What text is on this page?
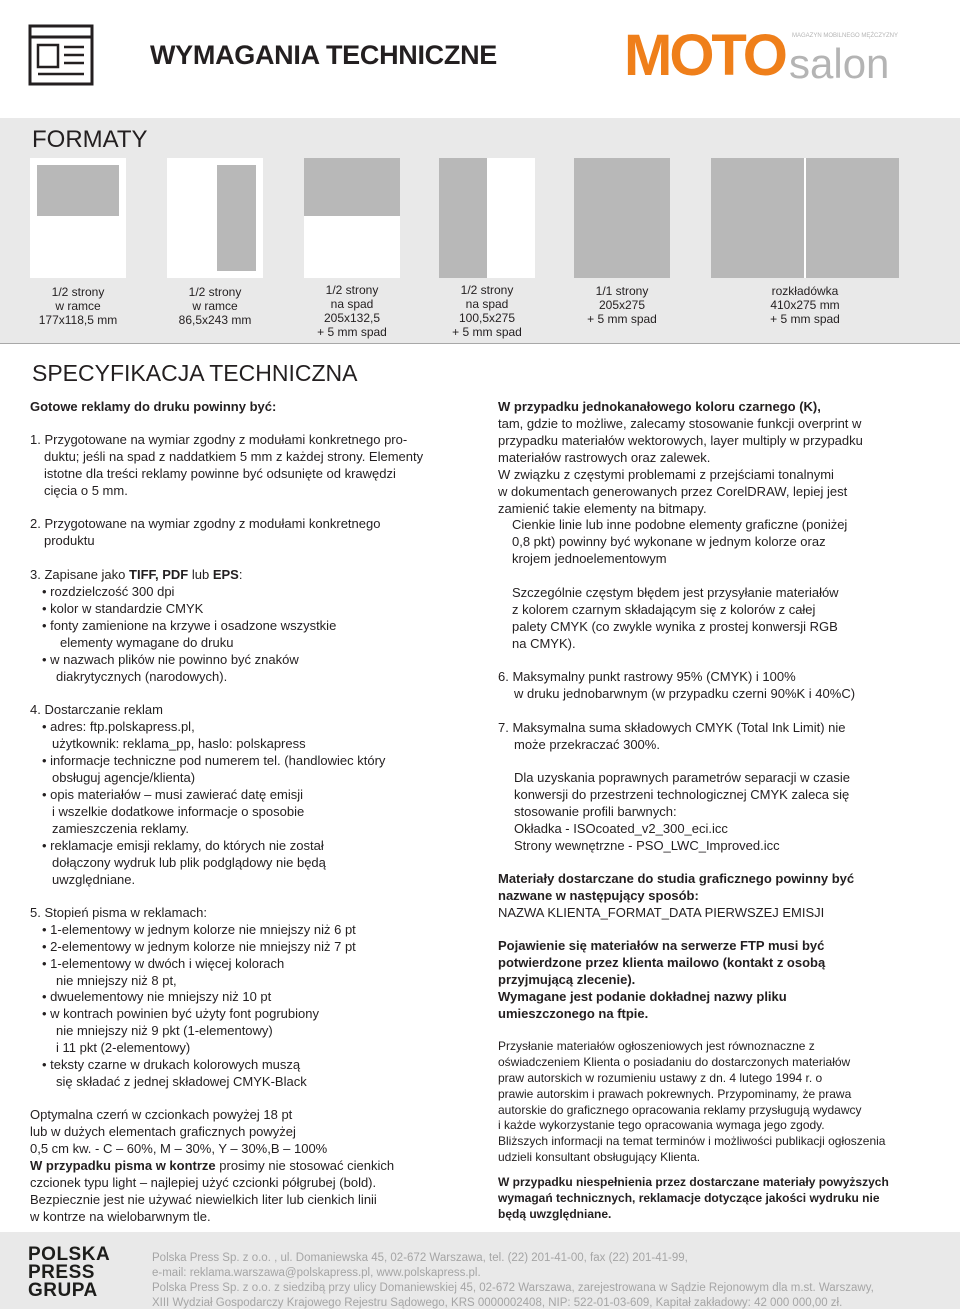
WYMAGANIA TECHNICZNE MOTO salon
MAGAZYN MOBILNEGO MĘŻCZYZNY
FORMATY
1/2 strony
w ramce
177x118,5 mm
1/2 strony
w ramce
86,5x243 mm
1/2 strony
na spad
205x132,5
+ 5 mm spad
1/2 strony
na spad
100,5x275
+ 5 mm spad
1/1 strony
205x275
+ 5 mm spad
rozkładówka
410x275 mm
+ 5 mm spad
SPECYFIKACJA TECHNICZNA
Gotowe reklamy do druku powinny być:
1. Przygotowane na wymiar zgodny z modułami konkretnego pro-
duktu; jeśli na spad z naddatkiem 5 mm z każdej strony. Elementy
istotne dla treści reklamy powinne być odsunięte od krawędzi
cięcia o 5 mm.
2. Przygotowane na wymiar zgodny z modułami konkretnego
produktu
3. Zapisane jako TIFF, PDF lub EPS:
• rozdzielczość 300 dpi
• kolor w standardzie CMYK
• fonty zamienione na krzywe i osadzone wszystkie
elementy wymagane do druku
• w nazwach plików nie powinno być znaków
diakrytycznych (narodowych).
4. Dostarczanie reklam
• adres: ftp.polskapress.pl,
użytkownik: reklama_pp, haslo: polskapress
• informacje techniczne pod numerem tel. (handlowiec który
obsługuj agencje/klienta)
• opis materiałów – musi zawierać datę emisji
i wszelkie dodatkowe informacje o sposobie
zamieszczenia reklamy.
• reklamacje emisji reklamy, do których nie został
dołączony wydruk lub plik podglądowy nie będą
uwzględniane.
5. Stopień pisma w reklamach:
• 1-elementowy w jednym kolorze nie mniejszy niż 6 pt
• 2-elementowy w jednym kolorze nie mniejszy niż 7 pt
• 1-elementowy w dwóch i więcej kolorach
nie mniejszy niż 8 pt,
• dwuelementowy nie mniejszy niż 10 pt
• w kontrach powinien być użyty font pogrubiony
nie mniejszy niż 9 pkt (1-elementowy)
i 11 pkt (2-elementowy)
• teksty czarne w drukach kolorowych muszą
się składać z jednej składowej CMYK-Black
Optymalna czerń w czcionkach powyżej 18 pt
lub w dużych elementach graficznych powyżej
0,5 cm kw. - C – 60%, M – 30%, Y – 30%,B – 100%
W przypadku pisma w kontrze prosimy nie stosować cienkich
czcionek typu light – najlepiej użyć czcionki półgrubej (bold).
Bezpiecznie jest nie używać niewielkich liter lub cienkich linii
w kontrze na wielobarwnym tle.
W przypadku jednokanałowego koloru czarnego (K),
tam, gdzie to możliwe, zalecamy stosowanie funkcji overprint w
przypadku materiałów wektorowych, layer multiply w przypadku
materiałów rastrowych oraz zalewek.
W związku z częstymi problemami z przejściami tonalnymi
w dokumentach generowanych przez CorelDRAW, lepiej jest
zamienić takie elementy na bitmapy.
Cienkie linie lub inne podobne elementy graficzne (poniżej
0,8 pkt) powinny być wykonane w jednym kolorze oraz
krojem jednoelementowym
Szczególnie częstym błędem jest przysyłanie materiałów
z kolorem czarnym składającym się z kolorów z całej
palety CMYK (co zwykle wynika z prostej konwersji RGB
na CMYK).
6. Maksymalny punkt rastrowy 95% (CMYK) i 100%
w druku jednobarwnym (w przypadku czerni 90%K i 40%C)
7. Maksymalna suma składowych CMYK (Total Ink Limit) nie
może przekraczać 300%.
Dla uzyskania poprawnych parametrów separacji w czasie
konwersji do przestrzeni technologicznej CMYK zaleca się
stosowanie profili barwnych:
Okładka - ISOcoated_v2_300_eci.icc
Strony wewnętrzne - PSO_LWC_Improved.icc
Materiały dostarczane do studia graficznego powinny być
nazwane w następujący sposób:
NAZWA KLIENTA_FORMAT_DATA PIERWSZEJ EMISJI
Pojawienie się materiałów na serwerze FTP musi być
potwierdzone przez klienta mailowo (kontakt z osobą
przyjmującą zlecenie).
Wymagane jest podanie dokładnej nazwy pliku
umieszczonego na ftpie.
Przysłanie materiałów ogłoszeniowych jest równoznaczne z
oświadczeniem Klienta o posiadaniu do dostarczonych materiałów
praw autorskich w rozumieniu ustawy z dn. 4 lutego 1994 r. o
prawie autorskim i prawach pokrewnych. Przypominamy, że prawa
autorskie do graficznego opracowania reklamy przysługują wydawcy
i każde wykorzystanie tego opracowania wymaga jego zgody.
Bliższych informacji na temat terminów i możliwości publikacji ogłoszenia
udzieli konsultant obsługujący Klienta.
W przypadku niespełnienia przez dostarczane materiały powyższych
wymagań technicznych, reklamacje dotyczące jakości wydruku nie
będą uwzględniane.
POLSKA
PRESS
GRUPA
Polska Press Sp. z o.o. , ul. Domaniewska 45, 02-672 Warszawa, tel. (22) 201-41-00, fax (22) 201-41-99,
e-mail: reklama.warszawa@polskapress.pl, www.polskapress.pl.
Polska Press Sp. z o.o. z siedzibą przy ulicy Domaniewskiej 45, 02-672 Warszawa, zarejestrowana w Sądzie Rejonowym dla m.st. Warszawy,
XIII Wydział Gospodarczy Krajowego Rejestru Sądowego, KRS 0000002408, NIP: 522-01-03-609, Kapitał zakładowy: 42 000 000,00 zł.
